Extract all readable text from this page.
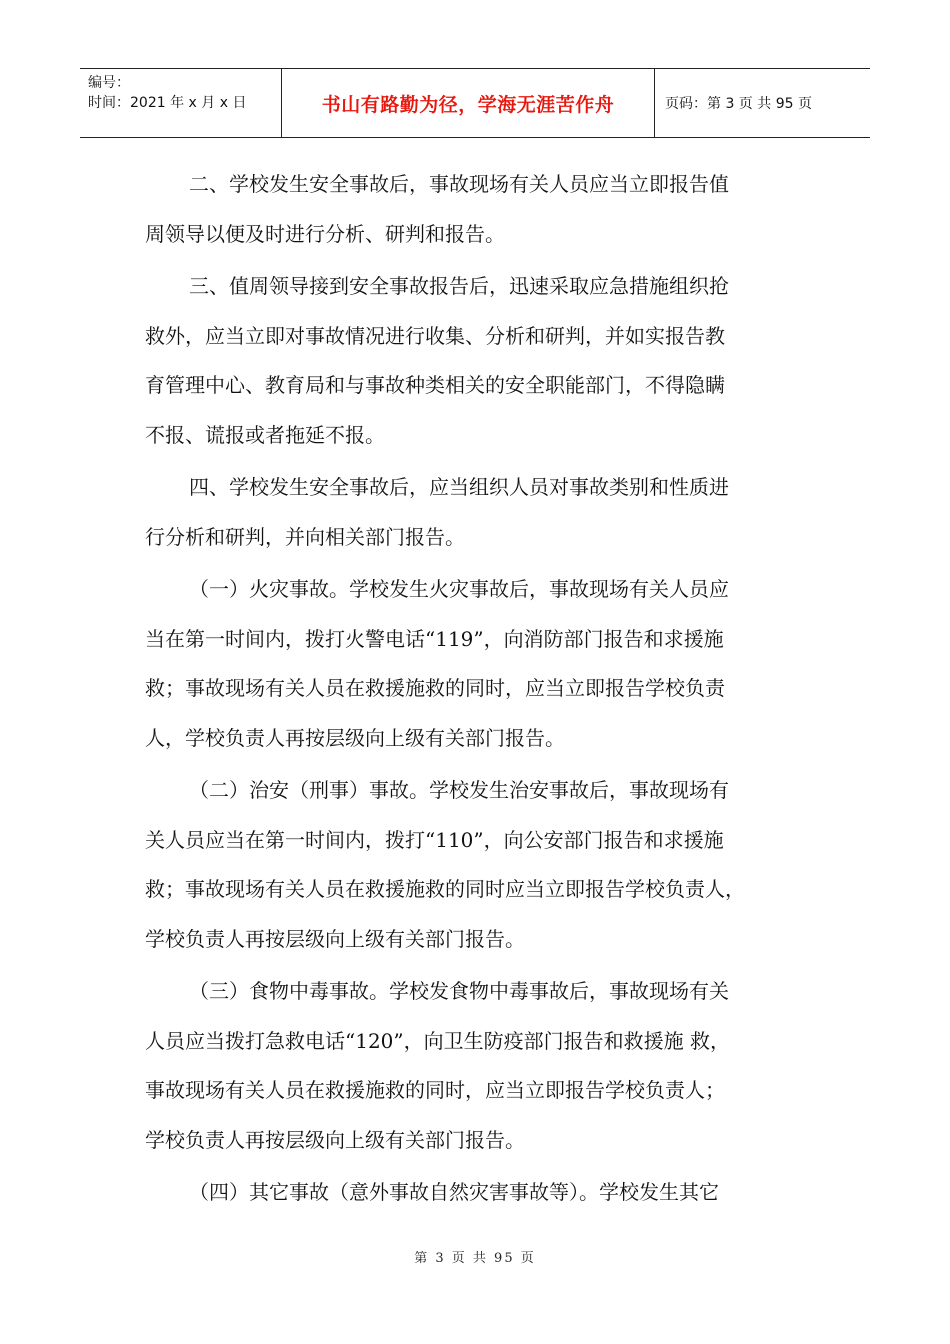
编号：
时间：2021 年 x 月 x 日	书山有路勤为径，学海无涯苦作舟	页码：第 3 页 共 95 页

二、学校发生安全事故后，事故现场有关人员应当立即报告值
周领导以便及时进行分析、研判和报告。

三、值周领导接到安全事故报告后，迅速采取应急措施组织抢
救外，应当立即对事故情况进行收集、分析和研判，并如实报告教
育管理中心、教育局和与事故种类相关的安全职能部门，不得隐瞒
不报、谎报或者拖延不报。

四、学校发生安全事故后，应当组织人员对事故类别和性质进
行分析和研判，并向相关部门报告。

（一）火灾事故。学校发生火灾事故后，事故现场有关人员应
当在第一时间内，拨打火警电话“119”，向消防部门报告和求援施
救；事故现场有关人员在救援施救的同时，应当立即报告学校负责
人，学校负责人再按层级向上级有关部门报告。

（二）治安（刑事）事故。学校发生治安事故后，事故现场有
关人员应当在第一时间内，拨打“110”，向公安部门报告和求援施
救；事故现场有关人员在救援施救的同时应当立即报告学校负责人，
学校负责人再按层级向上级有关部门报告。

（三）食物中毒事故。学校发食物中毒事故后，事故现场有关
人员应当拨打急救电话“120”，向卫生防疫部门报告和救援施 救，
事故现场有关人员在救援施救的同时，应当立即报告学校负责人；
学校负责人再按层级向上级有关部门报告。

（四）其它事故（意外事故自然灾害事故等）。学校发生其它

第 3 页 共 95 页
